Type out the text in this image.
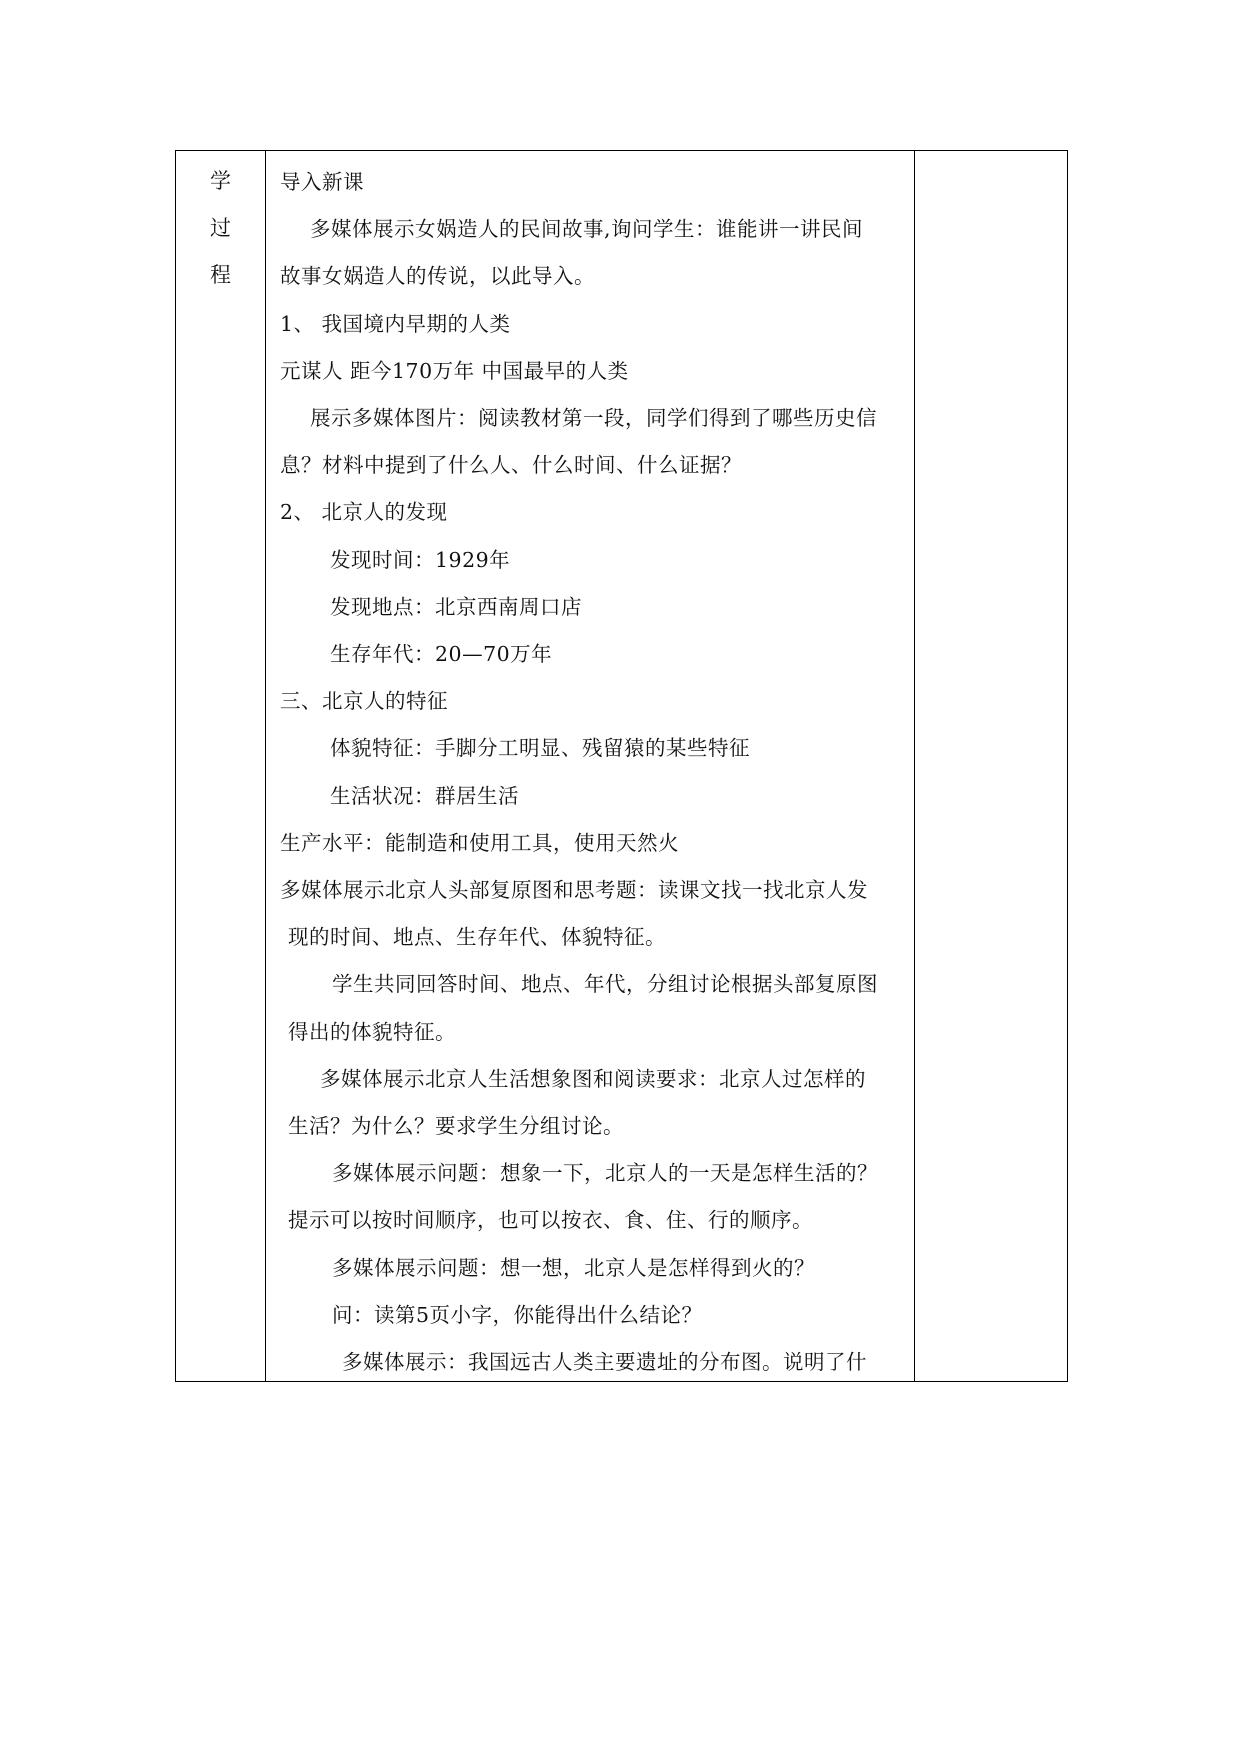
学
过
程
导入新课
多媒体展示女娲造人的民间故事,询问学生：谁能讲一讲民间
故事女娲造人的传说，以此导入。
1、 我国境内早期的人类
元谋人 距今170万年 中国最早的人类
展示多媒体图片：阅读教材第一段，同学们得到了哪些历史信
息？材料中提到了什么人、什么时间、什么证据？
2、 北京人的发现
发现时间：1929年
发现地点：北京西南周口店
生存年代：20—70万年
三、北京人的特征
体貌特征：手脚分工明显、残留猿的某些特征
生活状况：群居生活
生产水平：能制造和使用工具，使用天然火
多媒体展示北京人头部复原图和思考题：读课文找一找北京人发
现的时间、地点、生存年代、体貌特征。
学生共同回答时间、地点、年代，分组讨论根据头部复原图
得出的体貌特征。
多媒体展示北京人生活想象图和阅读要求：北京人过怎样的
生活？为什么？要求学生分组讨论。
多媒体展示问题：想象一下，北京人的一天是怎样生活的？
提示可以按时间顺序，也可以按衣、食、住、行的顺序。
多媒体展示问题：想一想，北京人是怎样得到火的？
问：读第5页小字，你能得出什么结论？
多媒体展示：我国远古人类主要遗址的分布图。说明了什
